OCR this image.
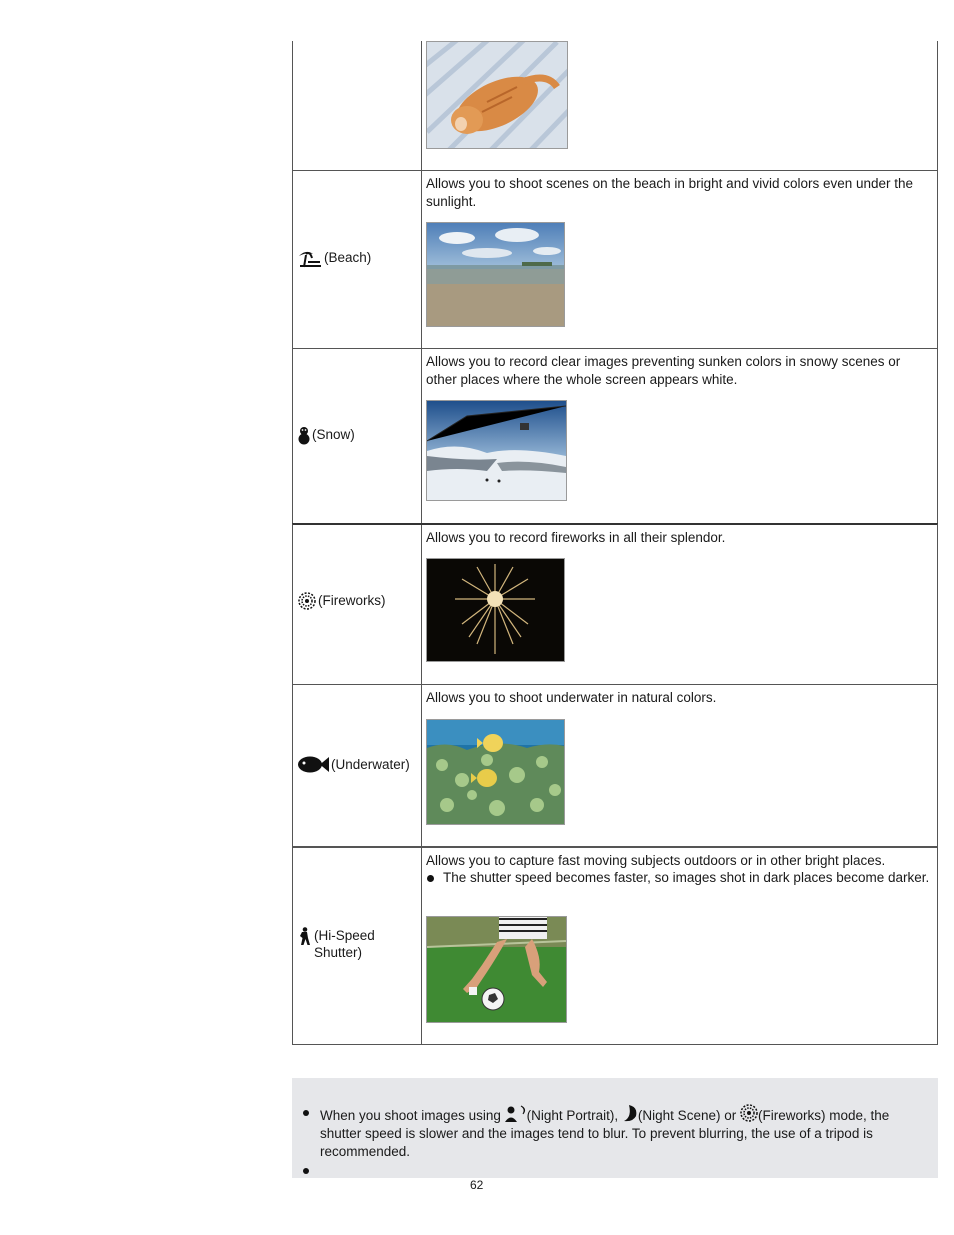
(Beach)
Allows you to shoot scenes on the beach in bright and vivid colors even under the sunlight.
(Snow)
Allows you to record clear images preventing sunken colors in snowy scenes or other places where the whole screen appears white.
(Fireworks)
Allows you to record fireworks in all their splendor.
(Underwater)
Allows you to shoot underwater in natural colors.
(Hi-Speed Shutter)
Allows you to capture fast moving subjects outdoors or in other bright places.
The shutter speed becomes faster, so images shot in dark places become darker.
When you shoot images using (Night Portrait), (Night Scene) or (Fireworks) mode, the shutter speed is slower and the images tend to blur. To prevent blurring, the use of a tripod is recommended.
62
